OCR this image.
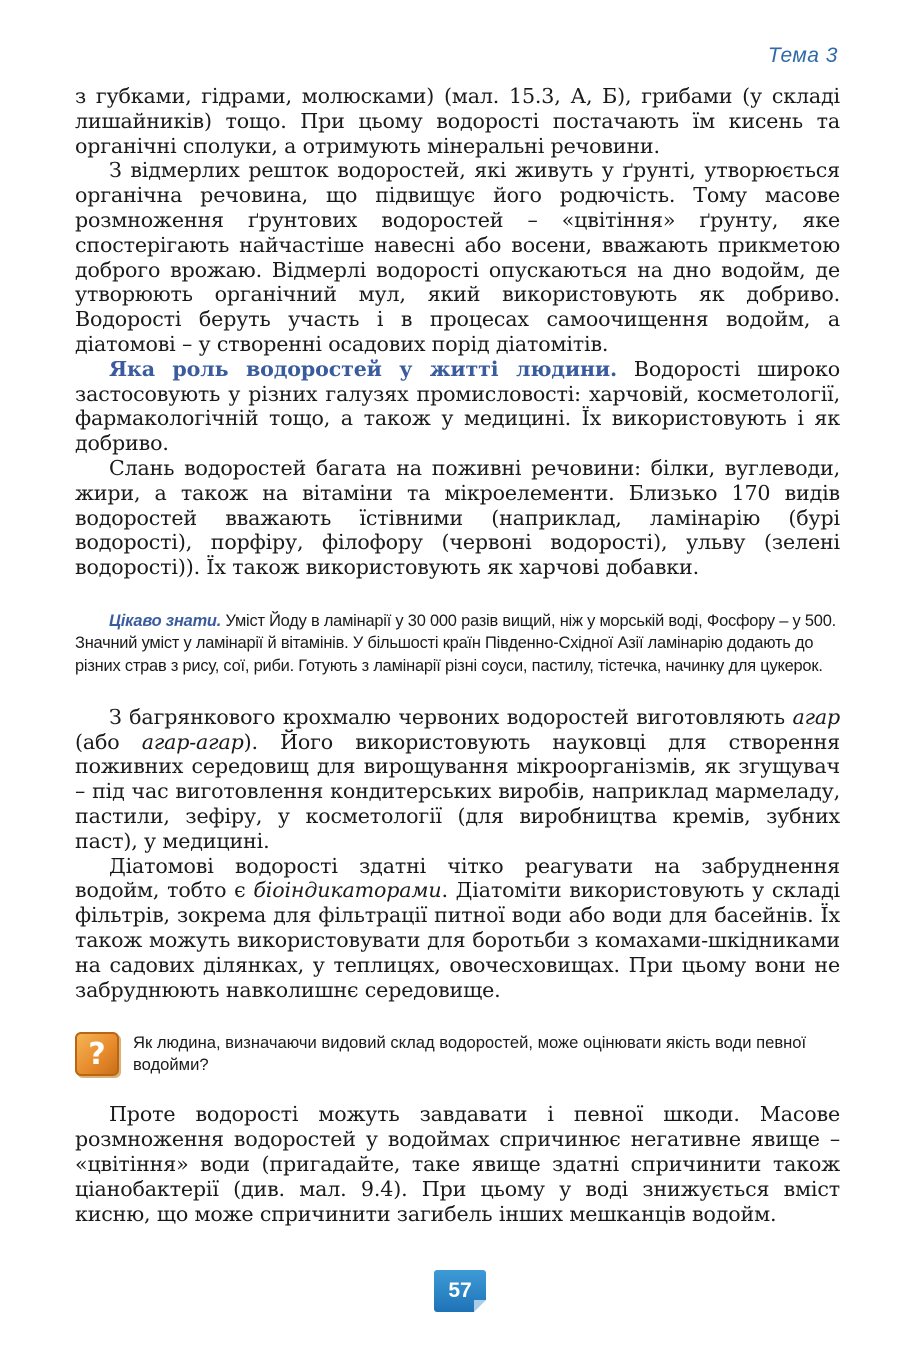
Тема 3

з губками, гідрами, молюсками) (мал. 15.3, А, Б), грибами (у складі лишайників) тощо. При цьому водорості постачають їм кисень та органічні сполуки, а отримують мінеральні речовини.

З відмерлих решток водоростей, які живуть у ґрунті, утворюється органічна речовина, що підвищує його родючість. Тому масове розмноження ґрунтових водоростей – «цвітіння» ґрунту, яке спостерігають найчастіше навесні або восени, вважають прикметою доброго врожаю. Відмерлі водорості опускаються на дно водойм, де утворюють органічний мул, який використовують як добриво. Водорості беруть участь і в процесах самоочищення водойм, а діатомові – у створенні осадових порід діатомітів.

Яка роль водоростей у житті людини. Водорості широко застосовують у різних галузях промисловості: харчовій, косметології, фармакологічній тощо, а також у медицині. Їх використовують і як добриво.

Слань водоростей багата на поживні речовини: білки, вуглеводи, жири, а також на вітаміни та мікроелементи. Близько 170 видів водоростей вважають їстівними (наприклад, ламінарію (бурі водорості), порфіру, філофору (червоні водорості), ульву (зелені водорості)). Їх також використовують як харчові добавки.

Цікаво знати. Уміст Йоду в ламінарії у 30 000 разів вищий, ніж у морській воді, Фосфору – у 500. Значний уміст у ламінарії й вітамінів. У більшості країн Південно-Східної Азії ламінарію додають до різних страв з рису, сої, риби. Готують з ламінарії різні соуси, пастилу, тістечка, начинку для цукерок.

З багрянкового крохмалю червоних водоростей виготовляють агар (або агар-агар). Його використовують науковці для створення поживних середовищ для вирощування мікроорганізмів, як згущувач – під час виготовлення кондитерських виробів, наприклад мармеладу, пастили, зефіру, у косметології (для виробництва кремів, зубних паст), у медицині.

Діатомові водорості здатні чітко реагувати на забруднення водойм, тобто є біоіндикаторами. Діатоміти використовують у складі фільтрів, зокрема для фільтрації питної води або води для басейнів. Їх також можуть використовувати для боротьби з комахами-шкідниками на садових ділянках, у теплицях, овочесховищах. При цьому вони не забруднюють навколишнє середовище.

?	Як людина, визначаючи видовий склад водоростей, може оцінювати якість води певної водойми?

Проте водорості можуть завдавати і певної шкоди. Масове розмноження водоростей у водоймах спричинює негативне явище – «цвітіння» води (пригадайте, таке явище здатні спричинити також ціанобактерії (див. мал. 9.4). При цьому у воді знижується вміст кисню, що може спричинити загибель інших мешканців водойм.

57
